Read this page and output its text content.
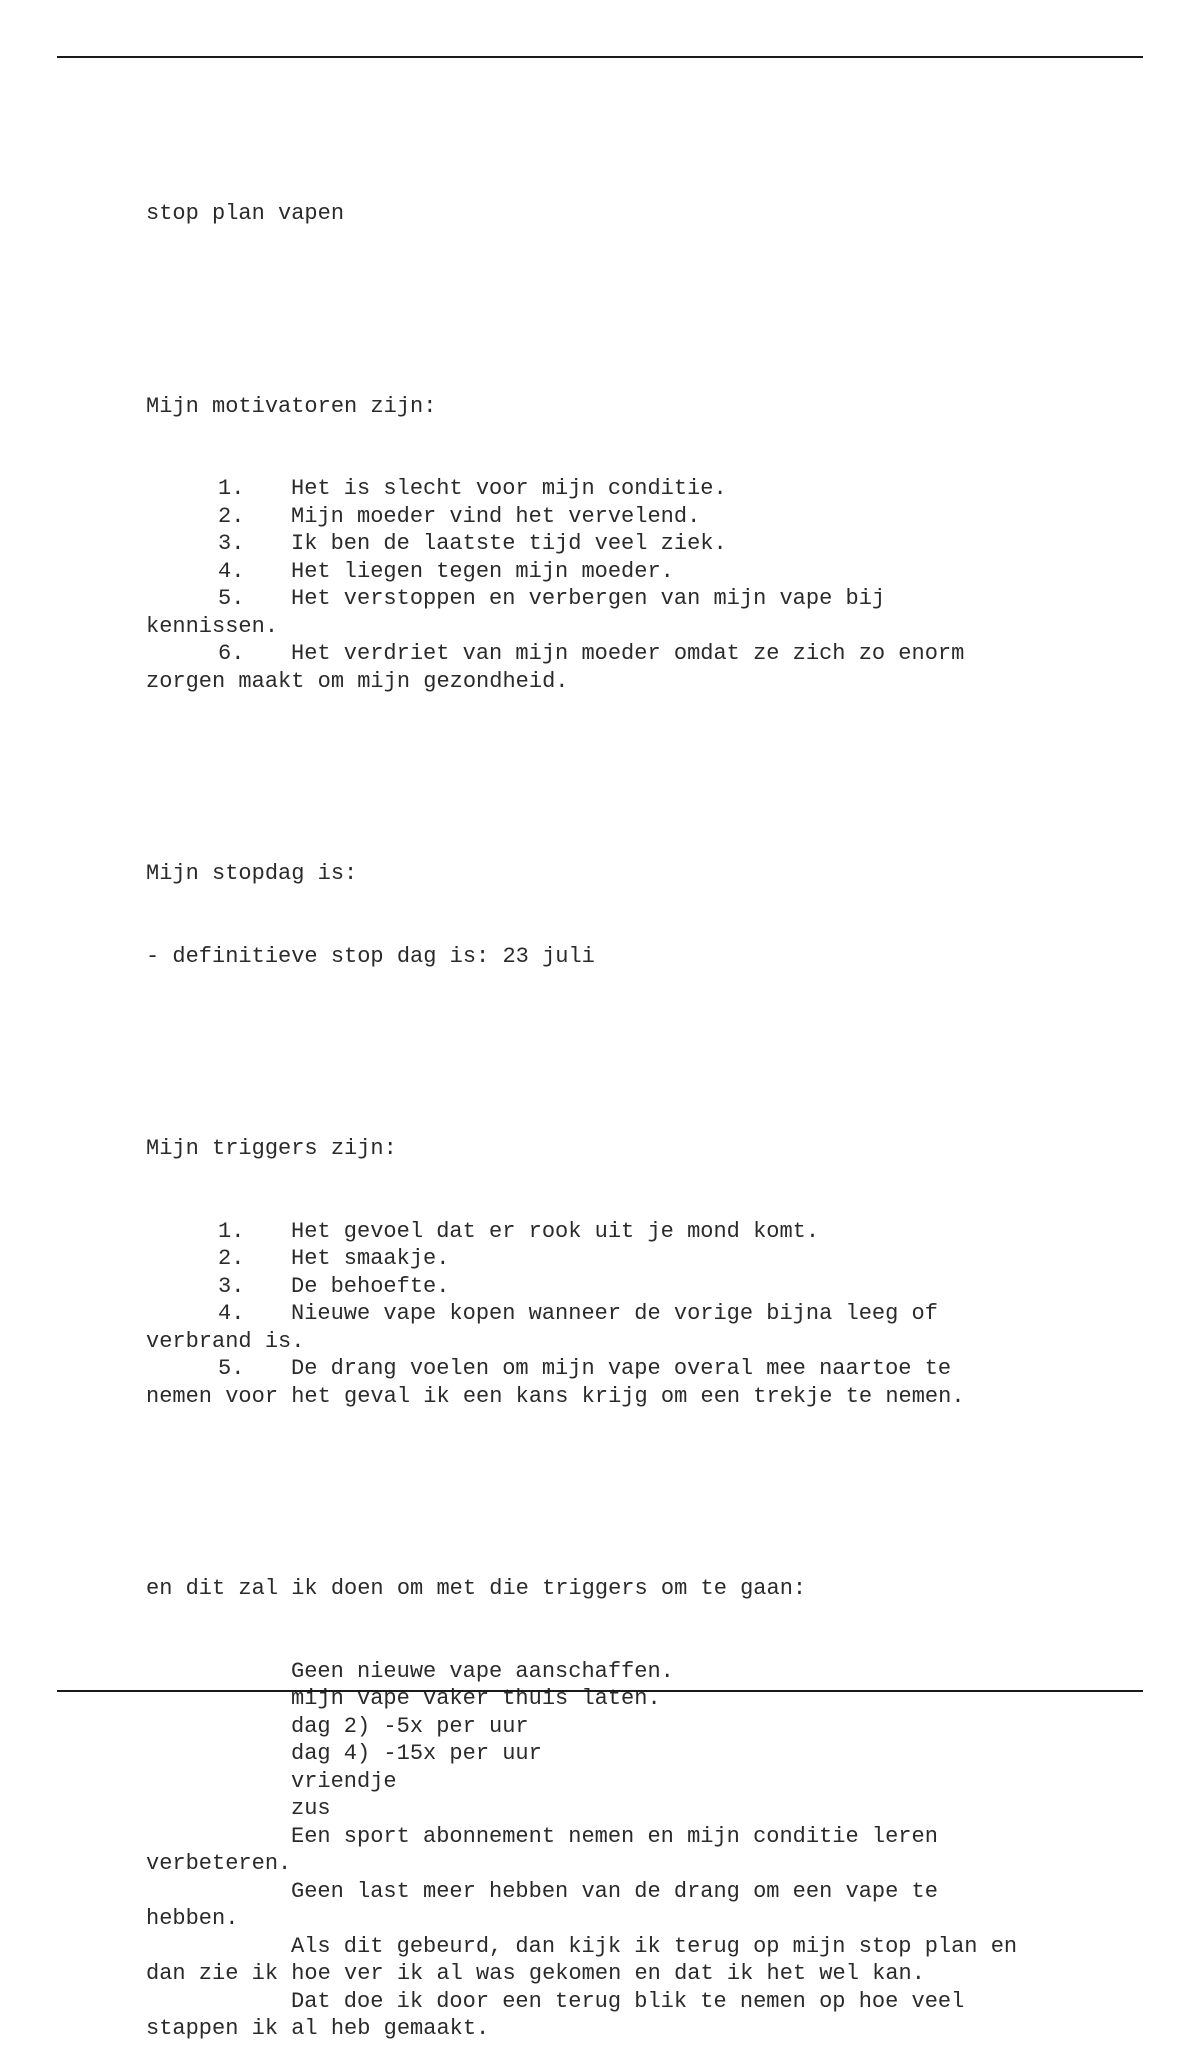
stop plan vapen

Mijn motivatoren zijn:

1. Het is slecht voor mijn conditie.
2. Mijn moeder vind het vervelend.
3. Ik ben de laatste tijd veel ziek.
4. Het liegen tegen mijn moeder.
5. Het verstoppen en verbergen van mijn vape bij
kennissen.
6. Het verdriet van mijn moeder omdat ze zich zo enorm
zorgen maakt om mijn gezondheid.

Mijn stopdag is:

- definitieve stop dag is: 23 juli

Mijn triggers zijn:

1. Het gevoel dat er rook uit je mond komt.
2. Het smaakje.
3. De behoefte.
4. Nieuwe vape kopen wanneer de vorige bijna leeg of
verbrand is.
5. De drang voelen om mijn vape overal mee naartoe te
nemen voor het geval ik een kans krijg om een trekje te nemen.

en dit zal ik doen om met die triggers om te gaan:

Geen nieuwe vape aanschaffen.
mijn vape vaker thuis laten.
dag 2) -5x per uur
dag 4) -15x per uur
vriendje
zus
Een sport abonnement nemen en mijn conditie leren
verbeteren.
Geen last meer hebben van de drang om een vape te
hebben.
Als dit gebeurd, dan kijk ik terug op mijn stop plan en
dan zie ik hoe ver ik al was gekomen en dat ik het wel kan.
Dat doe ik door een terug blik te nemen op hoe veel
stappen ik al heb gemaakt.
